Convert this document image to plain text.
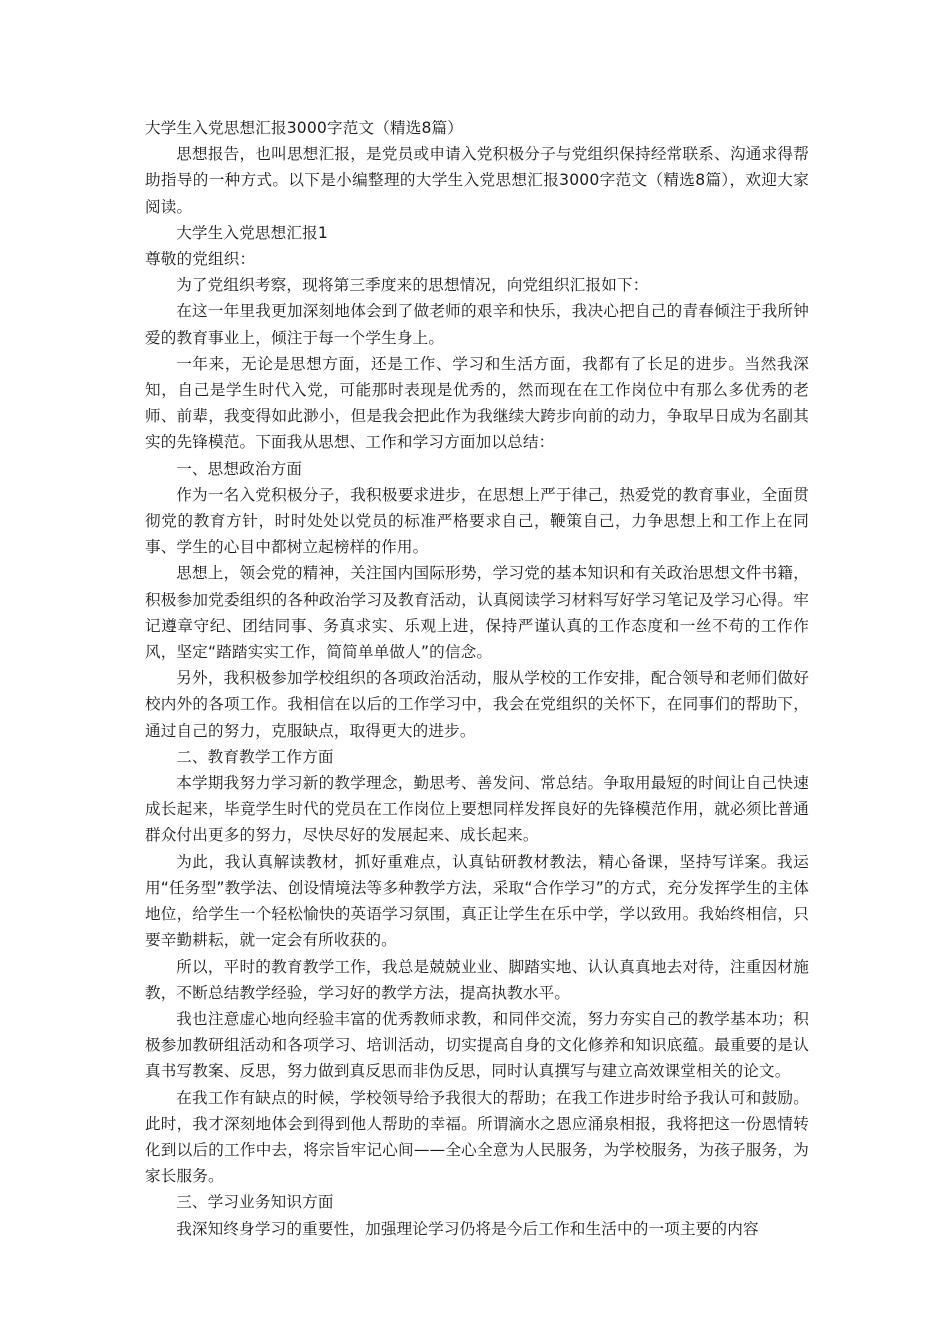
大学生入党思想汇报3000字范文（精选8篇）

思想报告，也叫思想汇报，是党员或申请入党积极分子与党组织保持经常联系、沟通求得帮助指导的一种方式。以下是小编整理的大学生入党思想汇报3000字范文（精选8篇），欢迎大家阅读。

大学生入党思想汇报1

尊敬的党组织：

为了党组织考察，现将第三季度来的思想情况，向党组织汇报如下：

在这一年里我更加深刻地体会到了做老师的艰辛和快乐，我决心把自己的青春倾注于我所钟爱的教育事业上，倾注于每一个学生身上。

一年来，无论是思想方面，还是工作、学习和生活方面，我都有了长足的进步。当然我深知，自己是学生时代入党，可能那时表现是优秀的，然而现在在工作岗位中有那么多优秀的老师、前辈，我变得如此渺小，但是我会把此作为我继续大跨步向前的动力，争取早日成为名副其实的先锋模范。下面我从思想、工作和学习方面加以总结：

一、思想政治方面

作为一名入党积极分子，我积极要求进步，在思想上严于律己，热爱党的教育事业，全面贯彻党的教育方针，时时处处以党员的标准严格要求自己，鞭策自己，力争思想上和工作上在同事、学生的心目中都树立起榜样的作用。

思想上，领会党的精神，关注国内国际形势，学习党的基本知识和有关政治思想文件书籍，积极参加党委组织的各种政治学习及教育活动，认真阅读学习材料写好学习笔记及学习心得。牢记遵章守纪、团结同事、务真求实、乐观上进，保持严谨认真的工作态度和一丝不苟的工作作风，坚定“踏踏实实工作，简简单单做人”的信念。

另外，我积极参加学校组织的各项政治活动，服从学校的工作安排，配合领导和老师们做好校内外的各项工作。我相信在以后的工作学习中，我会在党组织的关怀下，在同事们的帮助下，通过自己的努力，克服缺点，取得更大的进步。

二、教育教学工作方面

本学期我努力学习新的教学理念，勤思考、善发问、常总结。争取用最短的时间让自己快速成长起来，毕竟学生时代的党员在工作岗位上要想同样发挥良好的先锋模范作用，就必须比普通群众付出更多的努力，尽快尽好的发展起来、成长起来。

为此，我认真解读教材，抓好重难点，认真钻研教材教法，精心备课，坚持写详案。我运用“任务型”教学法、创设情境法等多种教学方法，采取“合作学习”的方式，充分发挥学生的主体地位，给学生一个轻松愉快的英语学习氛围，真正让学生在乐中学，学以致用。我始终相信，只要辛勤耕耘，就一定会有所收获的。

所以，平时的教育教学工作，我总是兢兢业业、脚踏实地、认认真真地去对待，注重因材施教，不断总结教学经验，学习好的教学方法，提高执教水平。

我也注意虚心地向经验丰富的优秀教师求教，和同伴交流，努力夯实自己的教学基本功；积极参加教研组活动和各项学习、培训活动，切实提高自身的文化修养和知识底蕴。最重要的是认真书写教案、反思，努力做到真反思而非伪反思，同时认真撰写与建立高效课堂相关的论文。

在我工作有缺点的时候，学校领导给予我很大的帮助；在我工作进步时给予我认可和鼓励。此时，我才深刻地体会到得到他人帮助的幸福。所谓滴水之恩应涌泉相报，我将把这一份恩情转化到以后的工作中去，将宗旨牢记心间——全心全意为人民服务，为学校服务，为孩子服务，为家长服务。

三、学习业务知识方面

我深知终身学习的重要性，加强理论学习仍将是今后工作和生活中的一项主要的内容
